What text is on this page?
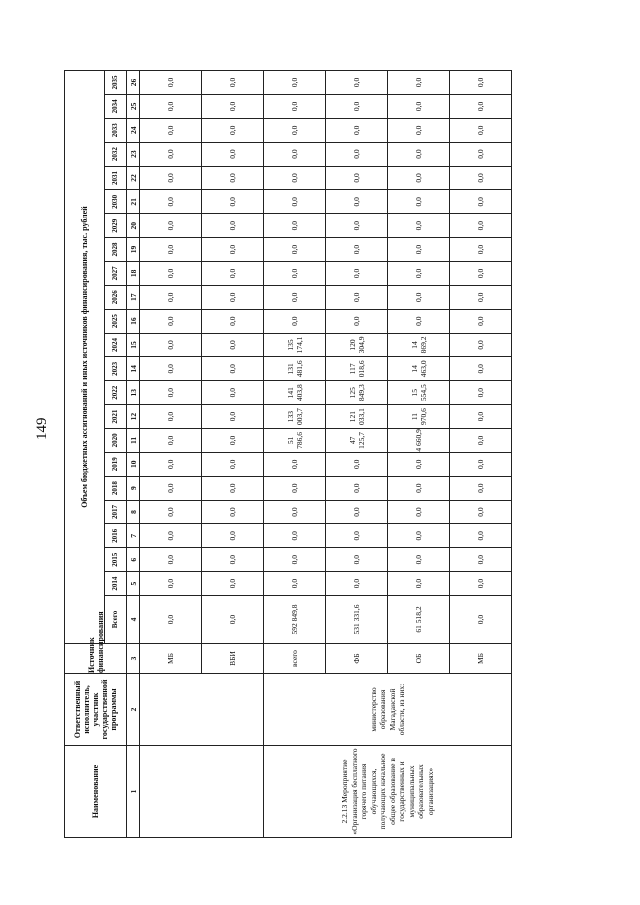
149
Наименование	Ответственный исполнитель, участник государственной программы	Источник финансирования	Объем бюджетных ассигнований и иных источников финансирования, тыс. рублей																						
			Всего	2014	2015	2016	2017	2018	2019	2020	2021	2022	2023	2024	2025	2026	2027	2028	2029	2030	2031	2032	2033	2034	2035
1	2	3	4	5	6	7	8	9	10	11	12	13	14	15	16	17	18	19	20	21	22	23	24	25	26
		МБ	0,0	0,0	0,0	0,0	0,0	0,0	0,0	0,0	0,0	0,0	0,0	0,0	0,0	0,0	0,0	0,0	0,0	0,0	0,0	0,0	0,0	0,0	0,0
		ВБИ	0,0	0,0	0,0	0,0	0,0	0,0	0,0	0,0	0,0	0,0	0,0	0,0	0,0	0,0	0,0	0,0	0,0	0,0	0,0	0,0	0,0	0,0	0,0
2.2.13 Мероприятие «Организация бесплатного горячего питания обучающихся, получающих начальное общее образование в государственных и муниципальных образовательных организациях»	министерство образования Магаданской области, из них:	всего	592 849,8	0,0	0,0	0,0	0,0	0,0	0,0	51 786,6	133 003,7	141 403,8	131 481,6	135 174,1	0,0	0,0	0,0	0,0	0,0	0,0	0,0	0,0	0,0	0,0	0,0
		ФБ	531 331,6	0,0	0,0	0,0	0,0	0,0	0,0	47 125,7	121 033,1	125 849,3	117 018,6	120 304,9	0,0	0,0	0,0	0,0	0,0	0,0	0,0	0,0	0,0	0,0	0,0
		ОБ	61 518,2	0,0	0,0	0,0	0,0	0,0	0,0	4 660,9	11 970,6	15 554,5	14 463,0	14 869,2	0,0	0,0	0,0	0,0	0,0	0,0	0,0	0,0	0,0	0,0	0,0
		МБ	0,0	0,0	0,0	0,0	0,0	0,0	0,0	0,0	0,0	0,0	0,0	0,0	0,0	0,0	0,0	0,0	0,0	0,0	0,0	0,0	0,0	0,0	0,0
